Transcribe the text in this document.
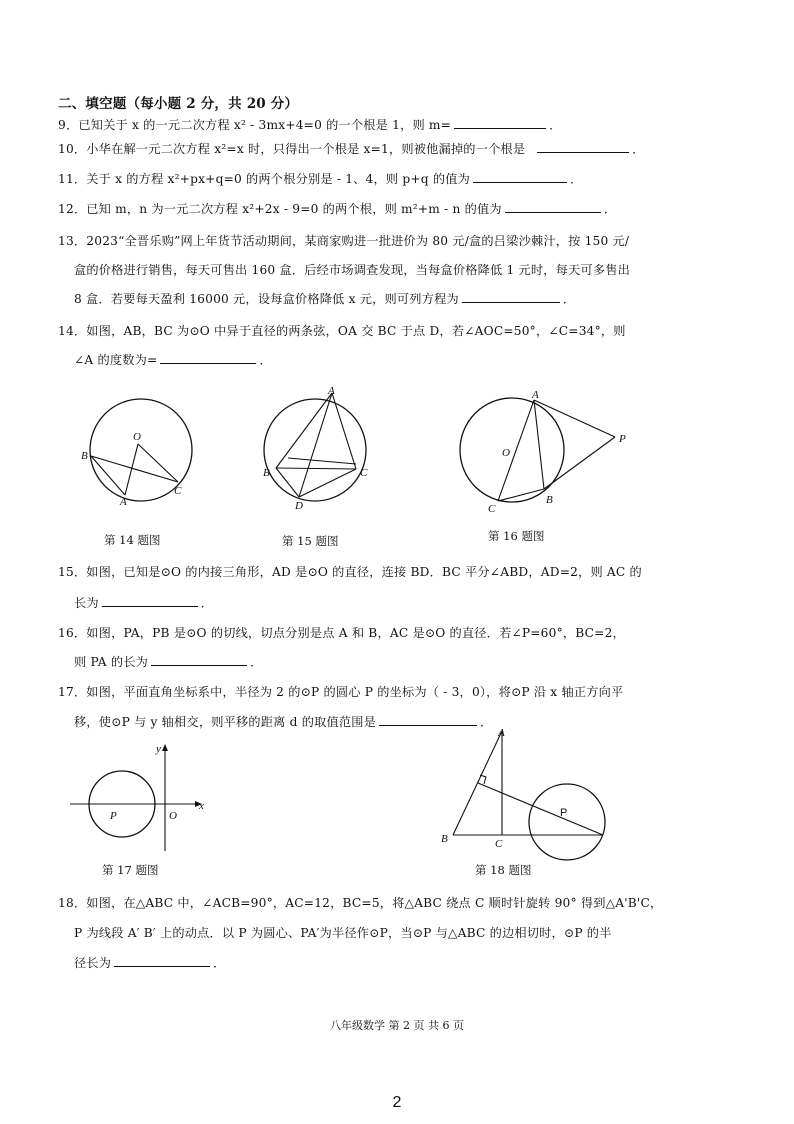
二、填空题（每小题 2 分，共 20 分）
9．已知关于 x 的一元二次方程 x² - 3mx+4=0 的一个根是 1，则 m=	．
10．小华在解一元二次方程 x²=x 时，只得出一个根是 x=1，则被他漏掉的一个根是	．
11．关于 x 的方程 x²+px+q=0 的两个根分别是 - 1、4，则 p+q 的值为	．
12．已知 m，n 为一元二次方程 x²+2x - 9=0 的两个根，则 m²+m - n 的值为	．
13．2023“全晋乐购”网上年货节活动期间，某商家购进一批进价为 80 元/盒的吕梁沙棘汁，按 150 元/
盒的价格进行销售，每天可售出 160 盒．后经市场调查发现，当每盒价格降低 1 元时，每天可多售出
8 盒．若要每天盈利 16000 元，设每盒价格降低 x 元，则可列方程为	．
14．如图，AB，BC 为⊙O 中异于直径的两条弦，OA 交 BC 于点 D，若∠AOC=50°，∠C=34°，则
∠A 的度数为=	．
O
B
A
C
第 14 题图
A
B	C
D
第 15 题图
A
O
P
C
B
第 16 题图
15．如图，已知是⊙O 的内接三角形，AD 是⊙O 的直径，连接 BD．BC 平分∠ABD，AD=2，则 AC 的
长为	．
16．如图，PA，PB 是⊙O 的切线，切点分别是点 A 和 B，AC 是⊙O 的直径．若∠P=60°，BC=2，
则 PA 的长为	．
17．如图，平面直角坐标系中，半径为 2 的⊙P 的圆心 P 的坐标为（ - 3，0），将⊙P 沿 x 轴正方向平
移，使⊙P 与 y 轴相交，则平移的距离 d 的取值范围是	．
y
x
P	O
第 17 题图
A
B	C
P
第 18 题图
18．如图，在△ABC 中，∠ACB=90°，AC=12，BC=5，将△ABC 绕点 C 顺时针旋转 90° 得到△A'B'C，
P 为线段 A′ B′ 上的动点．以 P 为圆心、PA′为半径作⊙P，当⊙P 与△ABC 的边相切时，⊙P 的半
径长为	．
八年级数学 第 2 页 共 6 页
2
